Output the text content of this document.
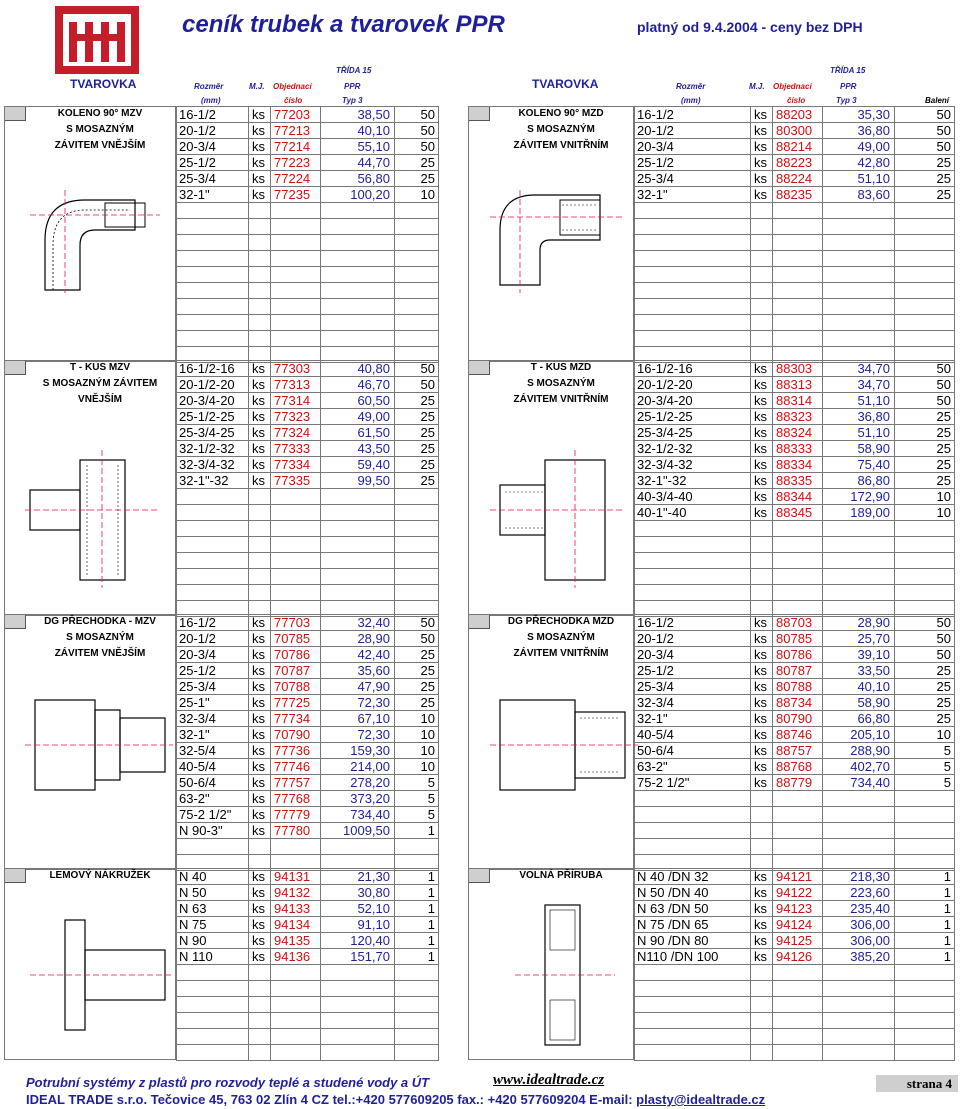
ceník trubek a tvarovek PPR	platný od 9.4.2004 - ceny bez DPH
TŘÍDA 15
TVAROVKA	Rozměr	M.J. Objednací	PPR
(mm)	číslo	Typ 3
TŘÍDA 15
TVAROVKA	Rozměr	M.J. Objednací	PPR
(mm)	číslo	Typ 3	Balení
KOLENO 90° MZV
S MOSAZNÝM
ZÁVITEM VNĚJŠÍM
16-1/2	ks	77203	38,50	50
20-1/2	ks	77213	40,10	50
20-3/4	ks	77214	55,10	50
25-1/2	ks	77223	44,70	25
25-3/4	ks	77224	56,80	25
32-1"	ks	77235	100,20	10

KOLENO 90° MZD
S MOSAZNÝM
ZÁVITEM VNITŘNÍM
16-1/2	ks	88203	35,30	50
20-1/2	ks	80300	36,80	50
20-3/4	ks	88214	49,00	50
25-1/2	ks	88223	42,80	25
25-3/4	ks	88224	51,10	25
32-1"	ks	88235	83,60	25

T - KUS MZV
S MOSAZNÝM ZÁVITEM
VNĚJŠÍM
16-1/2-16	ks	77303	40,80	50
20-1/2-20	ks	77313	46,70	50
20-3/4-20	ks	77314	60,50	25
25-1/2-25	ks	77323	49,00	25
25-3/4-25	ks	77324	61,50	25
32-1/2-32	ks	77333	43,50	25
32-3/4-32	ks	77334	59,40	25
32-1"-32	ks	77335	99,50	25

T - KUS MZD
S MOSAZNÝM
ZÁVITEM VNITŘNÍM
16-1/2-16	ks	88303	34,70	50
20-1/2-20	ks	88313	34,70	50
20-3/4-20	ks	88314	51,10	50
25-1/2-25	ks	88323	36,80	25
25-3/4-25	ks	88324	51,10	25
32-1/2-32	ks	88333	58,90	25
32-3/4-32	ks	88334	75,40	25
32-1"-32	ks	88335	86,80	25
40-3/4-40	ks	88344	172,90	10
40-1"-40	ks	88345	189,00	10

DG PŘECHODKA - MZV
S MOSAZNÝM
ZÁVITEM VNĚJŠÍM
16-1/2	ks	77703	32,40	50
20-1/2	ks	70785	28,90	50
20-3/4	ks	70786	42,40	25
25-1/2	ks	70787	35,60	25
25-3/4	ks	70788	47,90	25
25-1"	ks	77725	72,30	25
32-3/4	ks	77734	67,10	10
32-1"	ks	70790	72,30	10
32-5/4	ks	77736	159,30	10
40-5/4	ks	77746	214,00	10
50-6/4	ks	77757	278,20	5
63-2"	ks	77768	373,20	5
75-2 1/2"	ks	77779	734,40	5
N 90-3"	ks	77780	1009,50	1

DG PŘECHODKA MZD
S MOSAZNÝM
ZÁVITEM VNITŘNÍM
16-1/2	ks	88703	28,90	50
20-1/2	ks	80785	25,70	50
20-3/4	ks	80786	39,10	50
25-1/2	ks	80787	33,50	25
25-3/4	ks	80788	40,10	25
32-3/4	ks	88734	58,90	25
32-1"	ks	80790	66,80	25
40-5/4	ks	88746	205,10	10
50-6/4	ks	88757	288,90	5
63-2"	ks	88768	402,70	5
75-2 1/2"	ks	88779	734,40	5

LEMOVÝ NÁKRUŽEK	N 40	ks	94131	21,30	1
N 50	ks	94132	30,80	1
N 63	ks	94133	52,10	1
N 75	ks	94134	91,10	1
N 90	ks	94135	120,40	1
N 110	ks	94136	151,70	1

VOLNÁ PŘÍRUBA	N 40 /DN 32	ks	94121	218,30	1
N 50 /DN 40	ks	94122	223,60	1
N 63 /DN 50	ks	94123	235,40	1
N 75 /DN 65	ks	94124	306,00	1
N 90 /DN 80	ks	94125	306,00	1
N110 /DN 100	ks	94126	385,20	1

Potrubní systémy z plastů pro rozvody teplé a studené vody a ÚT	www.idealtrade.cz	strana 4
IDEAL TRADE s.r.o. Tečovice 45, 763 02 Zlín 4 CZ tel.:+420 577609205 fax.: +420 577609204 E-mail: plasty@idealtrade.cz
